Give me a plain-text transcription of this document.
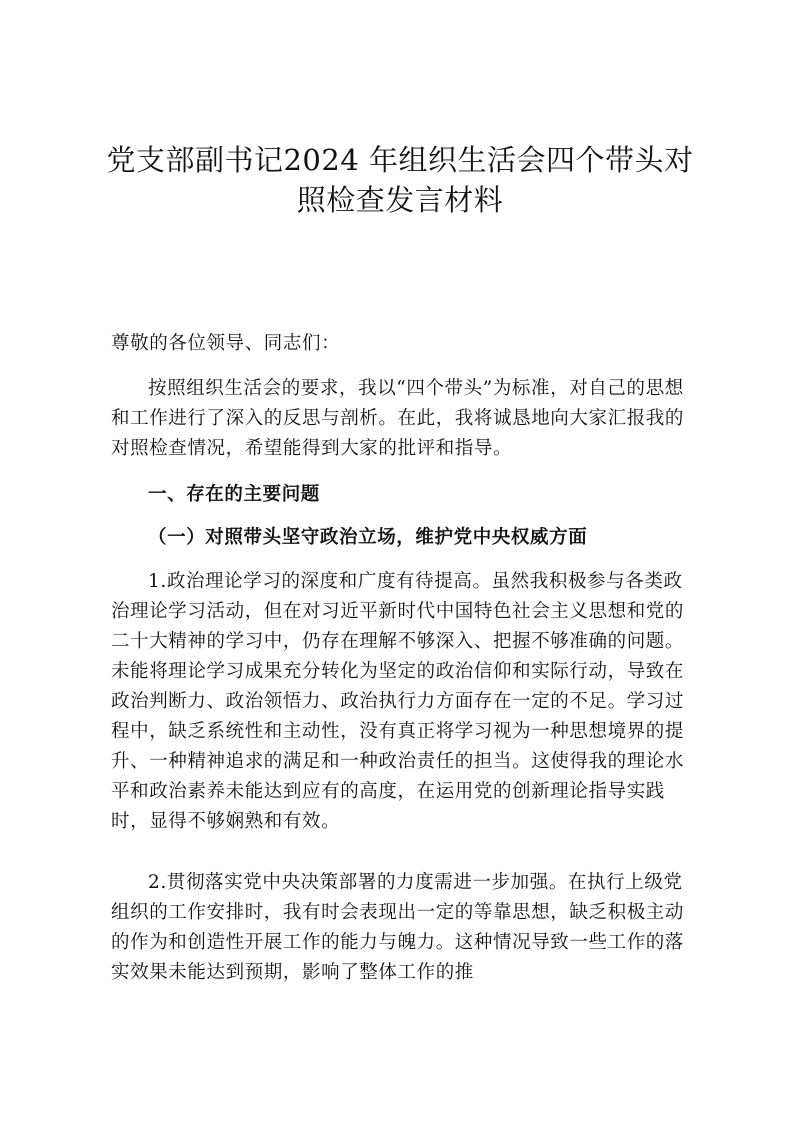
党支部副书记2024 年组织生活会四个带头对照检查发言材料

尊敬的各位领导、同志们：

按照组织生活会的要求，我以“四个带头”为标准，对自己的思想和工作进行了深入的反思与剖析。在此，我将诚恳地向大家汇报我的对照检查情况，希望能得到大家的批评和指导。

一、存在的主要问题

（一）对照带头坚守政治立场，维护党中央权威方面

1.政治理论学习的深度和广度有待提高。虽然我积极参与各类政治理论学习活动，但在对习近平新时代中国特色社会主义思想和党的二十大精神的学习中，仍存在理解不够深入、把握不够准确的问题。未能将理论学习成果充分转化为坚定的政治信仰和实际行动，导致在政治判断力、政治领悟力、政治执行力方面存在一定的不足。学习过程中，缺乏系统性和主动性，没有真正将学习视为一种思想境界的提升、一种精神追求的满足和一种政治责任的担当。这使得我的理论水平和政治素养未能达到应有的高度，在运用党的创新理论指导实践时，显得不够娴熟和有效。

2.贯彻落实党中央决策部署的力度需进一步加强。在执行上级党组织的工作安排时，我有时会表现出一定的等靠思想，缺乏积极主动的作为和创造性开展工作的能力与魄力。这种情况导致一些工作的落实效果未能达到预期，影响了整体工作的推
